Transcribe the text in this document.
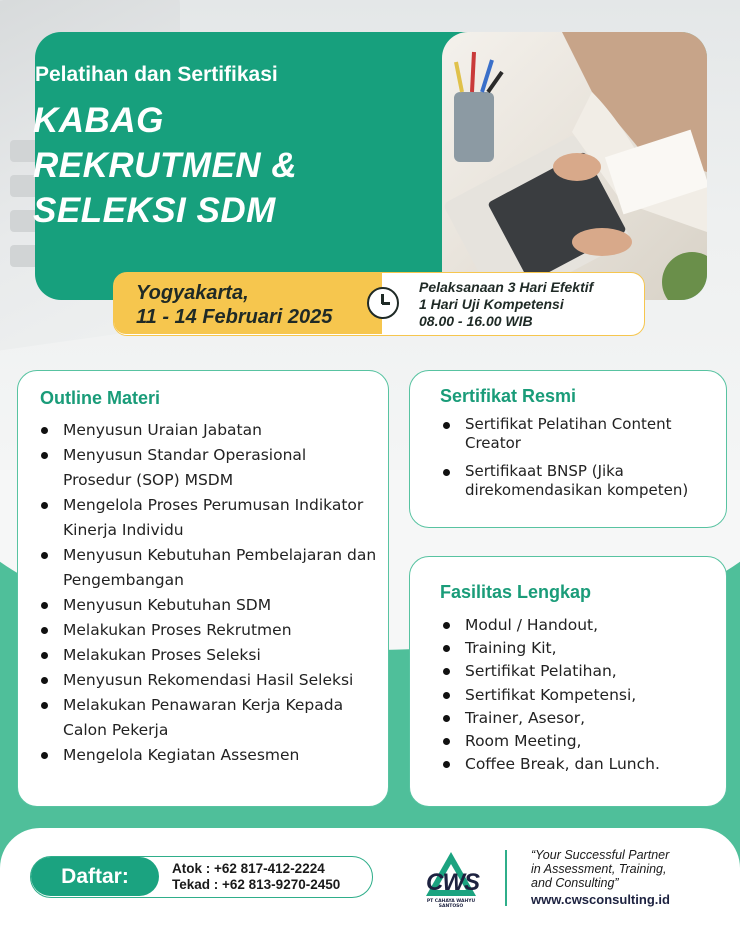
Pelatihan dan Sertifikasi
KABAG
REKRUTMEN &
SELEKSI SDM
Yogyakarta,
11 - 14 Februari 2025
Pelaksanaan 3 Hari Efektif
1 Hari Uji Kompetensi
08.00 - 16.00 WIB
Outline Materi
Menyusun Uraian Jabatan
Menyusun Standar Operasional Prosedur (SOP) MSDM
Mengelola Proses Perumusan Indikator Kinerja Individu
Menyusun Kebutuhan Pembelajaran dan Pengembangan
Menyusun Kebutuhan SDM
Melakukan Proses Rekrutmen
Melakukan Proses Seleksi
Menyusun Rekomendasi Hasil Seleksi
Melakukan Penawaran Kerja Kepada Calon Pekerja
Mengelola Kegiatan Assesmen
Sertifikat Resmi
Sertifikat Pelatihan Content Creator
Sertifikaat BNSP (Jika direkomendasikan kompeten)
Fasilitas Lengkap
Modul / Handout,
Training Kit,
Sertifikat Pelatihan,
Sertifikat Kompetensi,
Trainer, Asesor,
Room Meeting,
Coffee Break, dan Lunch.
Daftar:	Atok : +62 817-412-2224
Tekad : +62 813-9270-2450	CWS
PT CAHAYA WAHYU SANTOSO
“Your Successful Partner
in Assessment, Training,
and Consulting”
www.cwsconsulting.id
